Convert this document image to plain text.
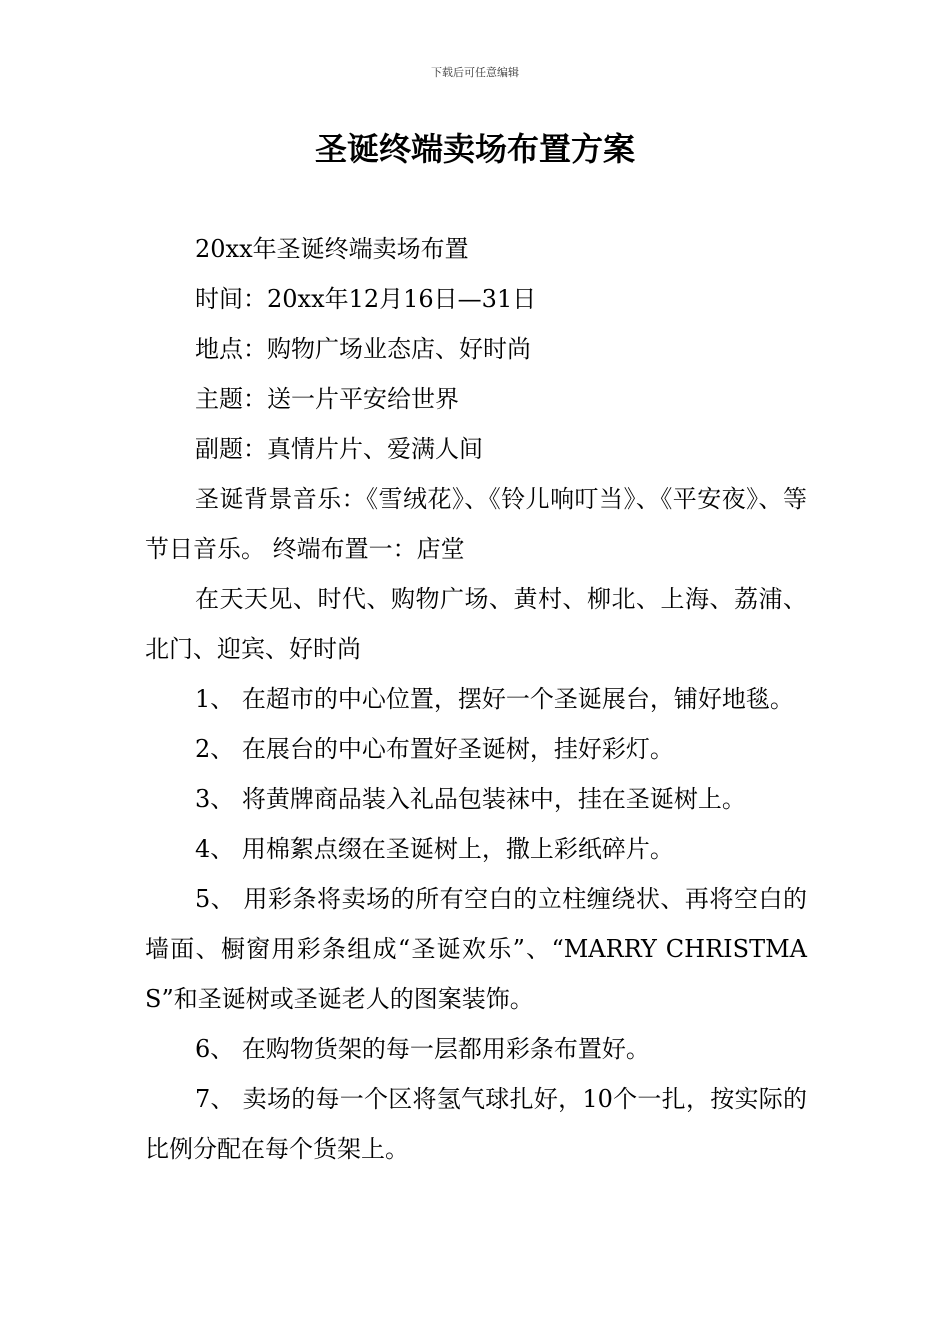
下载后可任意编辑
圣诞终端卖场布置方案

20xx年圣诞终端卖场布置

时间：20xx年12月16日—31日

地点：购物广场业态店、好时尚

主题：送一片平安给世界

副题：真情片片、爱满人间

圣诞背景音乐：《雪绒花》、《铃儿响叮当》、《平安夜》、等节日音乐。 终端布置一：店堂

在天天见、时代、购物广场、黄村、柳北、上海、荔浦、北门、迎宾、好时尚

1、 在超市的中心位置，摆好一个圣诞展台，铺好地毯。

2、 在展台的中心布置好圣诞树，挂好彩灯。

3、 将黄牌商品装入礼品包装袜中，挂在圣诞树上。

4、 用棉絮点缀在圣诞树上，撒上彩纸碎片。

5、 用彩条将卖场的所有空白的立柱缠绕状、再将空白的墙面、橱窗用彩条组成“圣诞欢乐”、“MARRY CHRISTMAS”和圣诞树或圣诞老人的图案装饰。

6、 在购物货架的每一层都用彩条布置好。

7、 卖场的每一个区将氢气球扎好，10个一扎，按实际的比例分配在每个货架上。
